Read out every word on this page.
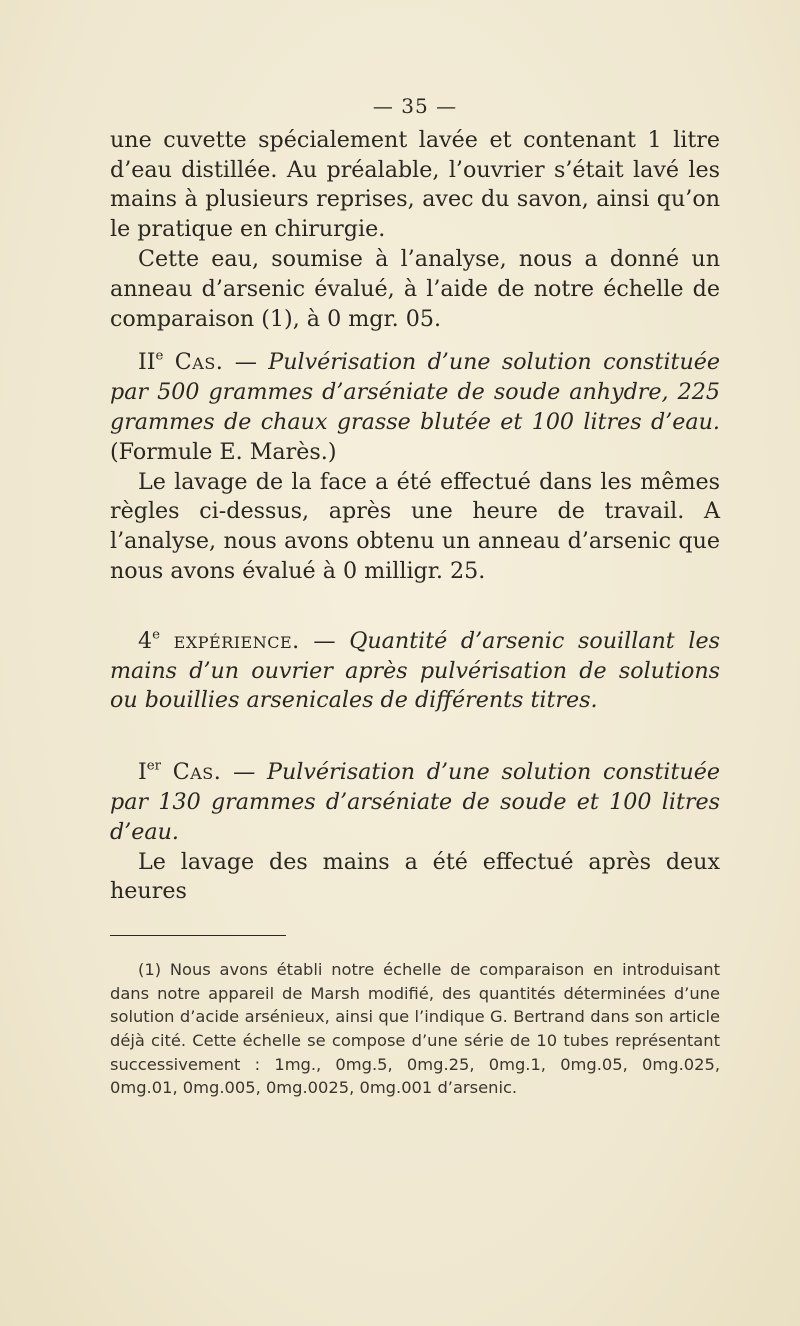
— 35 —

une cuvette spécialement lavée et contenant 1 litre d’eau distillée. Au préalable, l’ouvrier s’était lavé les mains à plusieurs reprises, avec du savon, ainsi qu’on le pratique en chirurgie.

Cette eau, soumise à l’analyse, nous a donné un anneau d’arsenic évalué, à l’aide de notre échelle de comparaison (1), à 0 mgr. 05.

IIe Cas. — Pulvérisation d’une solution constituée par 500 grammes d’arséniate de soude anhydre, 225 grammes de chaux grasse blutée et 100 litres d’eau. (Formule E. Marès.)

Le lavage de la face a été effectué dans les mêmes règles ci-dessus, après une heure de travail. A l’analyse, nous avons obtenu un anneau d’arsenic que nous avons évalué à 0 milligr. 25.

4e expérience. — Quantité d’arsenic souillant les mains d’un ouvrier après pulvérisation de solutions ou bouillies arsenicales de différents titres.

Ier Cas. — Pulvérisation d’une solution constituée par 130 grammes d’arséniate de soude et 100 litres d’eau.

Le lavage des mains a été effectué après deux heures

(1) Nous avons établi notre échelle de comparaison en introduisant dans notre appareil de Marsh modifié, des quantités déterminées d’une solution d’acide arsénieux, ainsi que l’indique G. Bertrand dans son article déjà cité. Cette échelle se compose d’une série de 10 tubes représentant successivement : 1mg., 0mg.5, 0mg.25, 0mg.1, 0mg.05, 0mg.025, 0mg.01, 0mg.005, 0mg.0025, 0mg.001 d’arsenic.
